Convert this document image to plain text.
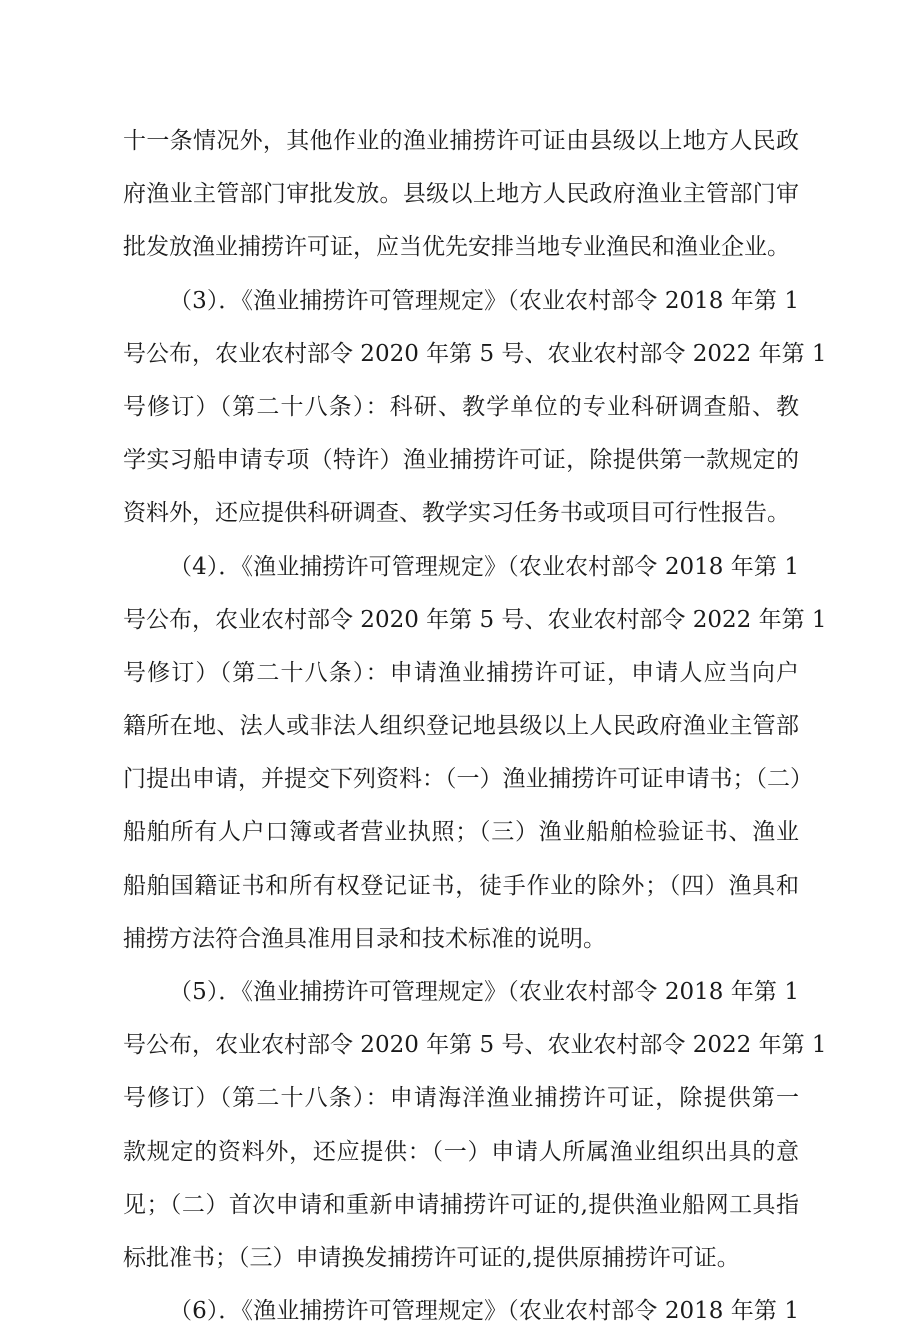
十一条情况外，其他作业的渔业捕捞许可证由县级以上地方人民政
府渔业主管部门审批发放。县级以上地方人民政府渔业主管部门审
批发放渔业捕捞许可证，应当优先安排当地专业渔民和渔业企业。
（3）．《渔业捕捞许可管理规定》（农业农村部令 2018 年第 1
号公布，农业农村部令 2020 年第 5 号、农业农村部令 2022 年第 1
号修订）（第二十八条）：科研、教学单位的专业科研调查船、教
学实习船申请专项（特许）渔业捕捞许可证，除提供第一款规定的
资料外，还应提供科研调查、教学实习任务书或项目可行性报告。
（4）．《渔业捕捞许可管理规定》（农业农村部令 2018 年第 1
号公布，农业农村部令 2020 年第 5 号、农业农村部令 2022 年第 1
号修订）（第二十八条）：申请渔业捕捞许可证，申请人应当向户
籍所在地、法人或非法人组织登记地县级以上人民政府渔业主管部
门提出申请，并提交下列资料：（一）渔业捕捞许可证申请书；（二）
船舶所有人户口簿或者营业执照；（三）渔业船舶检验证书、渔业
船舶国籍证书和所有权登记证书，徒手作业的除外；（四）渔具和
捕捞方法符合渔具准用目录和技术标准的说明。
（5）．《渔业捕捞许可管理规定》（农业农村部令 2018 年第 1
号公布，农业农村部令 2020 年第 5 号、农业农村部令 2022 年第 1
号修订）（第二十八条）：申请海洋渔业捕捞许可证，除提供第一
款规定的资料外，还应提供：（一）申请人所属渔业组织出具的意
见；（二）首次申请和重新申请捕捞许可证的,提供渔业船网工具指
标批准书；（三）申请换发捕捞许可证的,提供原捕捞许可证。
（6）．《渔业捕捞许可管理规定》（农业农村部令 2018 年第 1
